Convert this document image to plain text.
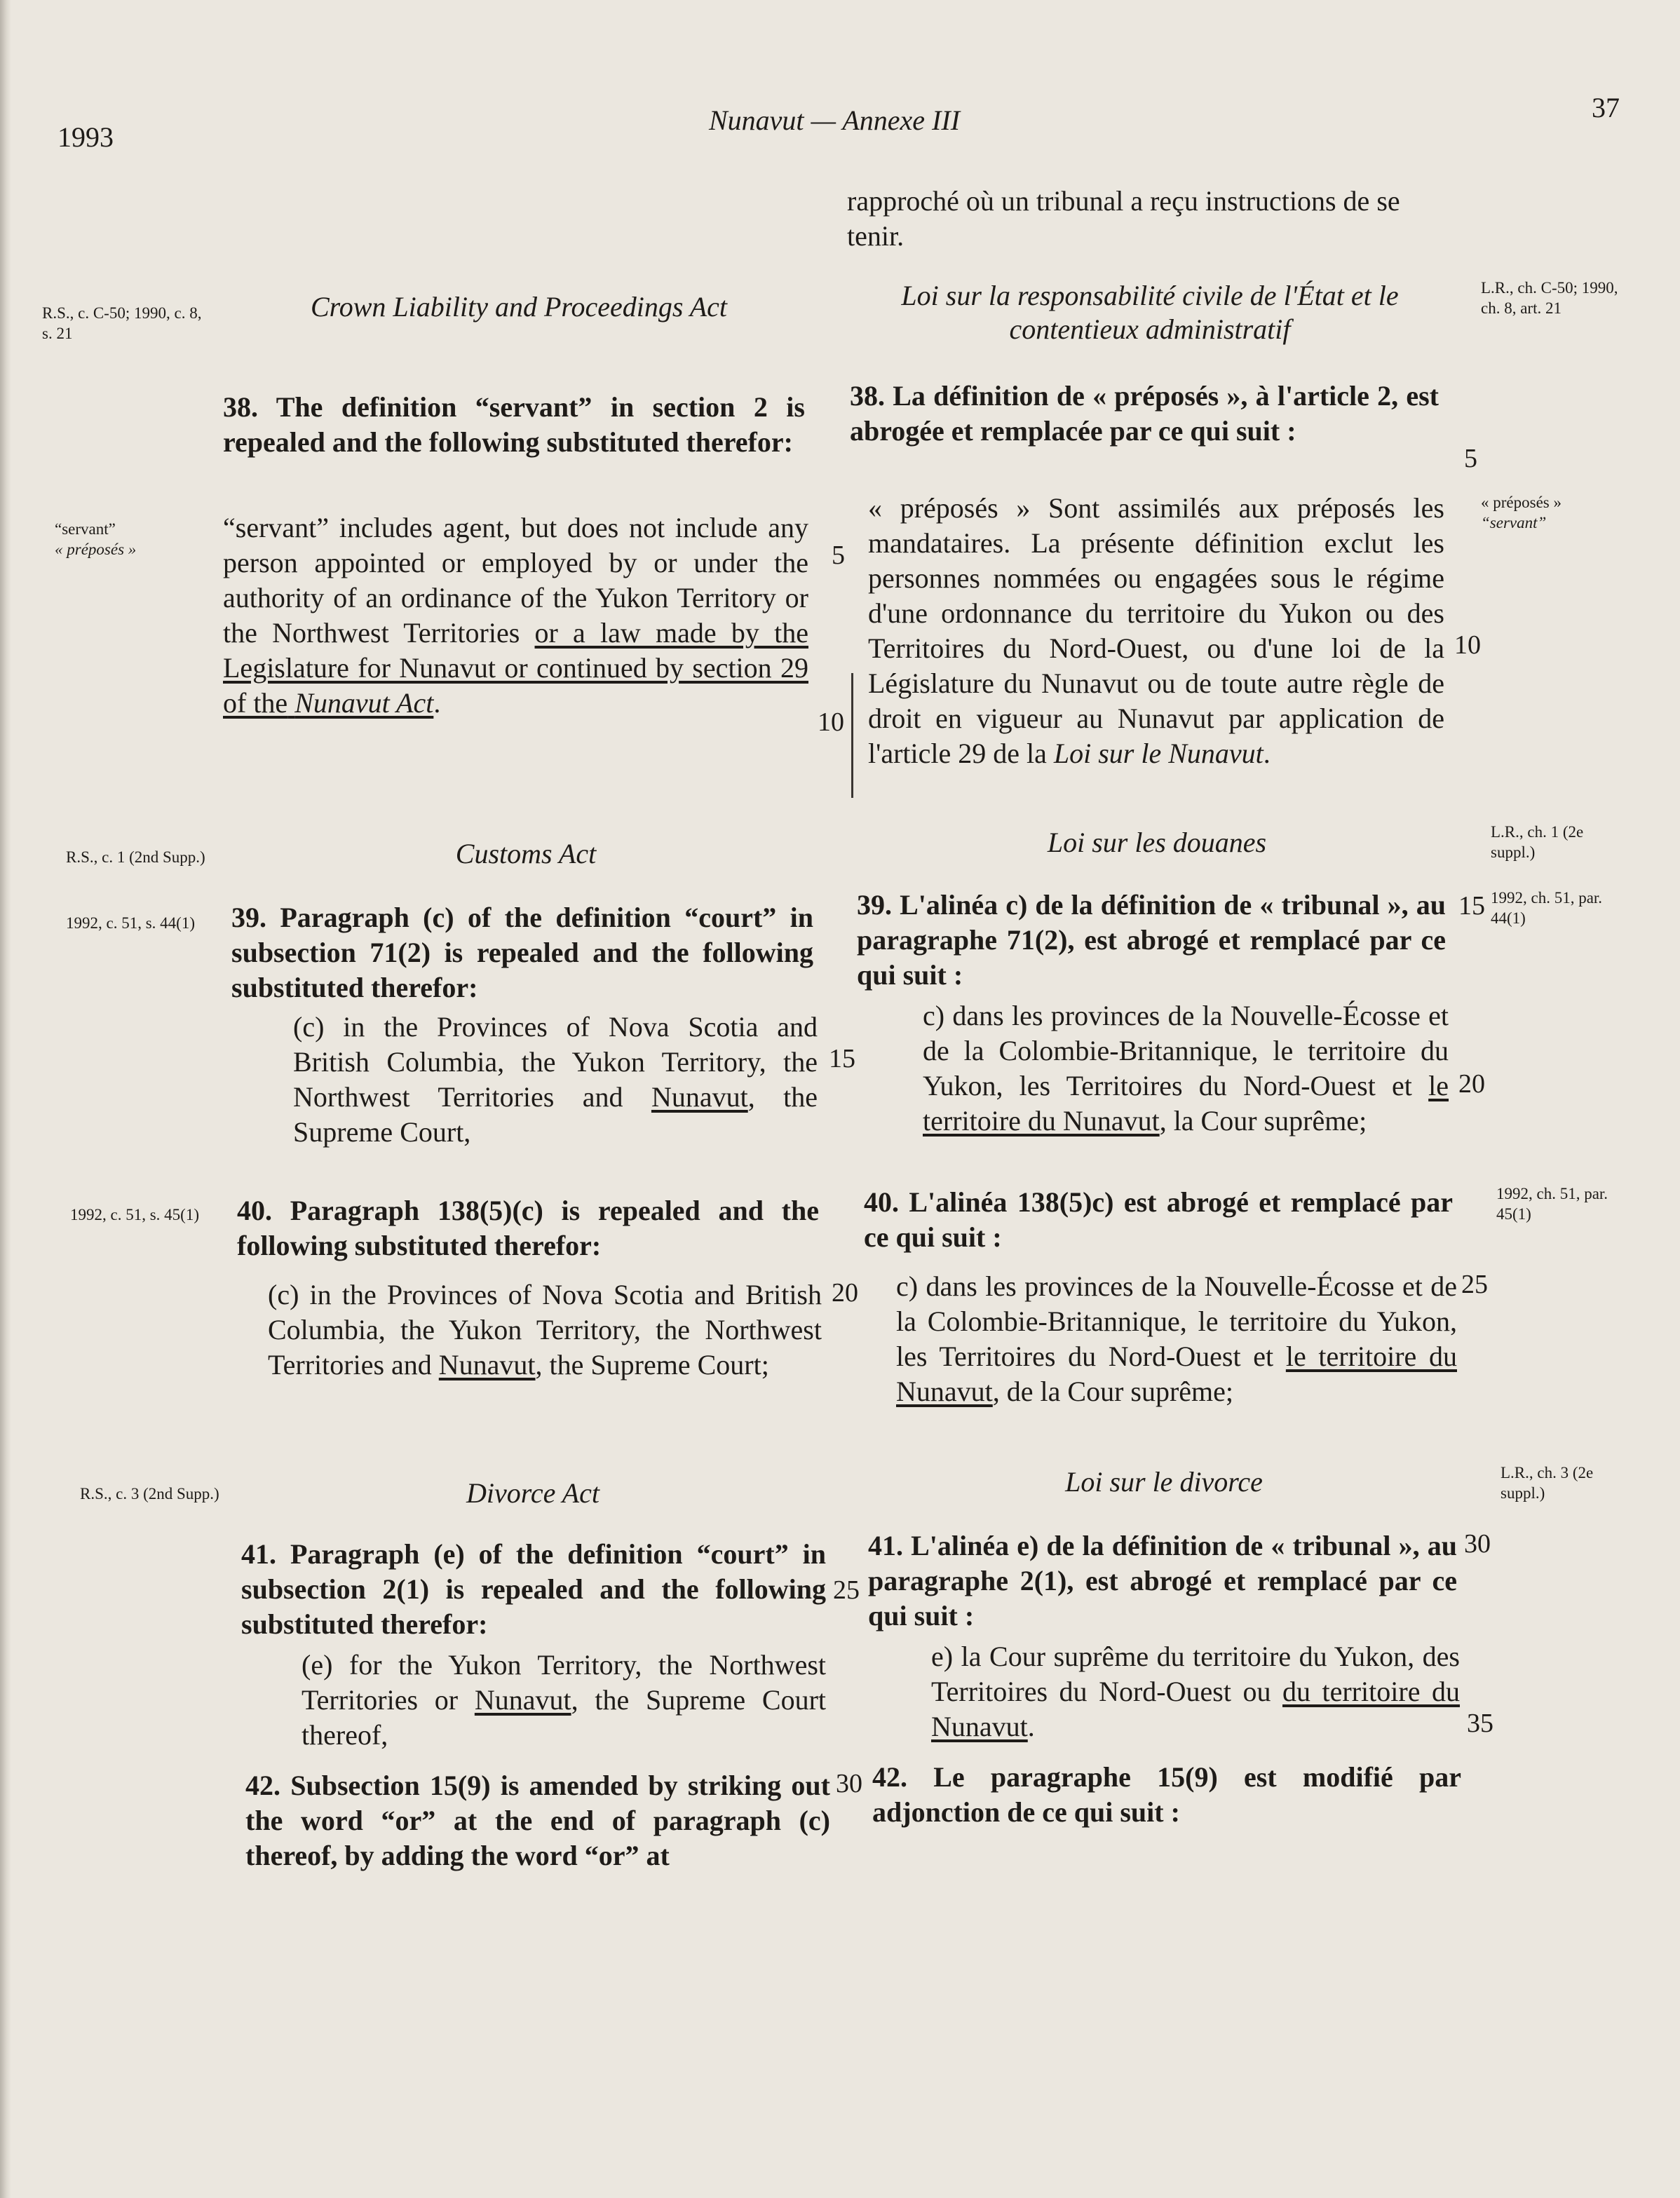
1993
Nunavut — Annexe III	37
rapproché où un tribunal a reçu instructions de se tenir.
R.S., c. C-50; 1990, c. 8, s. 21
L.R., ch. C-50; 1990, ch. 8, art. 21
Crown Liability and Proceedings Act	Loi sur la responsabilité civile de l'État et le contentieux administratif
38. The definition “servant” in section 2 is repealed and the following substituted therefor:
38. La définition de « préposés », à l'article 2, est abrogée et remplacée par ce qui suit :
“servant”
« préposés »
« préposés »
“servant”
“servant” includes agent, but does not include any person appointed or employed by or under the authority of an ordinance of the Yukon Territory or the Northwest Territories or a law made by the Legislature for Nunavut or continued by section 29 of the Nunavut Act.
« préposés » Sont assimilés aux préposés les mandataires. La présente définition exclut les personnes nommées ou engagées sous le régime d'une ordonnance du territoire du Yukon ou des Territoires du Nord-Ouest, ou d'une loi de la Législature du Nunavut ou de toute autre règle de droit en vigueur au Nunavut par application de l'article 29 de la Loi sur le Nunavut.
R.S., c. 1 (2nd Supp.)
1992, c. 51, s. 44(1)
L.R., ch. 1 (2e suppl.)
1992, ch. 51, par. 44(1)
Customs Act	Loi sur les douanes
39. Paragraph (c) of the definition “court” in subsection 71(2) is repealed and the following substituted therefor:
39. L'alinéa c) de la définition de « tribunal », au paragraphe 71(2), est abrogé et remplacé par ce qui suit :
(c) in the Provinces of Nova Scotia and British Columbia, the Yukon Territory, the Northwest Territories and Nunavut, the Supreme Court,
c) dans les provinces de la Nouvelle-Écosse et de la Colombie-Britannique, le territoire du Yukon, les Territoires du Nord-Ouest et le territoire du Nunavut, la Cour suprême;
1992, c. 51, s. 45(1)
1992, ch. 51, par. 45(1)
40. Paragraph 138(5)(c) is repealed and the following substituted therefor:
40. L'alinéa 138(5)c) est abrogé et remplacé par ce qui suit :
(c) in the Provinces of Nova Scotia and British Columbia, the Yukon Territory, the Northwest Territories and Nunavut, the Supreme Court;
c) dans les provinces de la Nouvelle-Écosse et de la Colombie-Britannique, le territoire du Yukon, les Territoires du Nord-Ouest et le territoire du Nunavut, de la Cour suprême;
R.S., c. 3 (2nd Supp.)
L.R., ch. 3 (2e suppl.)
Divorce Act	Loi sur le divorce
41. Paragraph (e) of the definition “court” in subsection 2(1) is repealed and the following substituted therefor:
41. L'alinéa e) de la définition de « tribunal », au paragraphe 2(1), est abrogé et remplacé par ce qui suit :
(e) for the Yukon Territory, the Northwest Territories or Nunavut, the Supreme Court thereof,
e) la Cour suprême du territoire du Yukon, des Territoires du Nord-Ouest ou du territoire du Nunavut.
42. Subsection 15(9) is amended by striking out the word “or” at the end of paragraph (c) thereof, by adding the word “or” at
42. Le paragraphe 15(9) est modifié par adjonction de ce qui suit :
5
5
10
10
15
15
20
20
25
25
30
30
35
